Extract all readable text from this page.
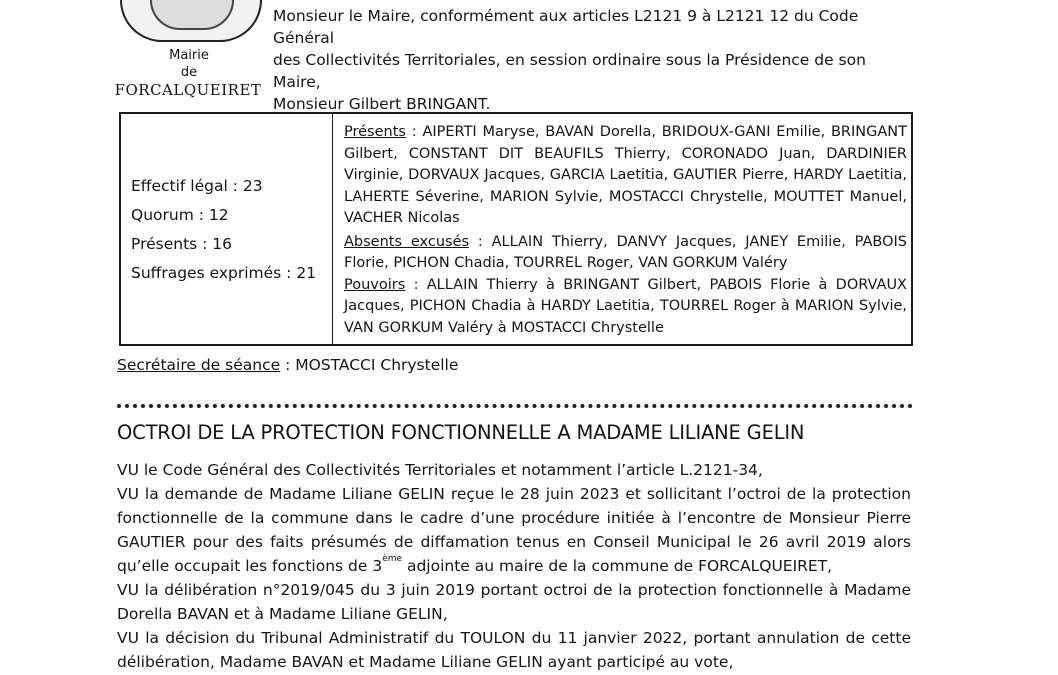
Mairie
de
FORCALQUEIRET

Monsieur le Maire, conformément aux articles L2121 9 à L2121 12 du Code Général

des Collectivités Territoriales, en session ordinaire sous la Présidence de son Maire,

Monsieur Gilbert BRINGANT.

Effectif légal : 23
Quorum : 12
Présents : 16
Suffrages exprimés : 21

Présents : AIPERTI Maryse, BAVAN Dorella, BRIDOUX-GANI Emilie, BRINGANT Gilbert, CONSTANT DIT BEAUFILS Thierry, CORONADO Juan, DARDINIER Virginie, DORVAUX Jacques, GARCIA Laetitia, GAUTIER Pierre, HARDY Laetitia, LAHERTE Séverine, MARION Sylvie, MOSTACCI Chrystelle, MOUTTET Manuel, VACHER Nicolas

Absents excusés : ALLAIN Thierry, DANVY Jacques, JANEY Emilie, PABOIS Florie, PICHON Chadia, TOURREL Roger, VAN GORKUM Valéry

Pouvoirs : ALLAIN Thierry à BRINGANT Gilbert, PABOIS Florie à DORVAUX Jacques, PICHON Chadia à HARDY Laetitia, TOURREL Roger à MARION Sylvie, VAN GORKUM Valéry à MOSTACCI Chrystelle

Secrétaire de séance : MOSTACCI Chrystelle
OCTROI DE LA PROTECTION FONCTIONNELLE A MADAME LILIANE GELIN

VU le Code Général des Collectivités Territoriales et notamment l’article L.2121-34,

VU la demande de Madame Liliane GELIN reçue le 28 juin 2023 et sollicitant l’octroi de la protection fonctionnelle de la commune dans le cadre d’une procédure initiée à l’encontre de Monsieur Pierre GAUTIER pour des faits présumés de diffamation tenus en Conseil Municipal le 26 avril 2019 alors qu’elle occupait les fonctions de 3ème adjointe au maire de la commune de FORCALQUEIRET,

VU la délibération n°2019/045 du 3 juin 2019 portant octroi de la protection fonctionnelle à Madame Dorella BAVAN et à Madame Liliane GELIN,

VU la décision du Tribunal Administratif du TOULON du 11 janvier 2022, portant annulation de cette délibération, Madame BAVAN et Madame Liliane GELIN ayant participé au vote,
